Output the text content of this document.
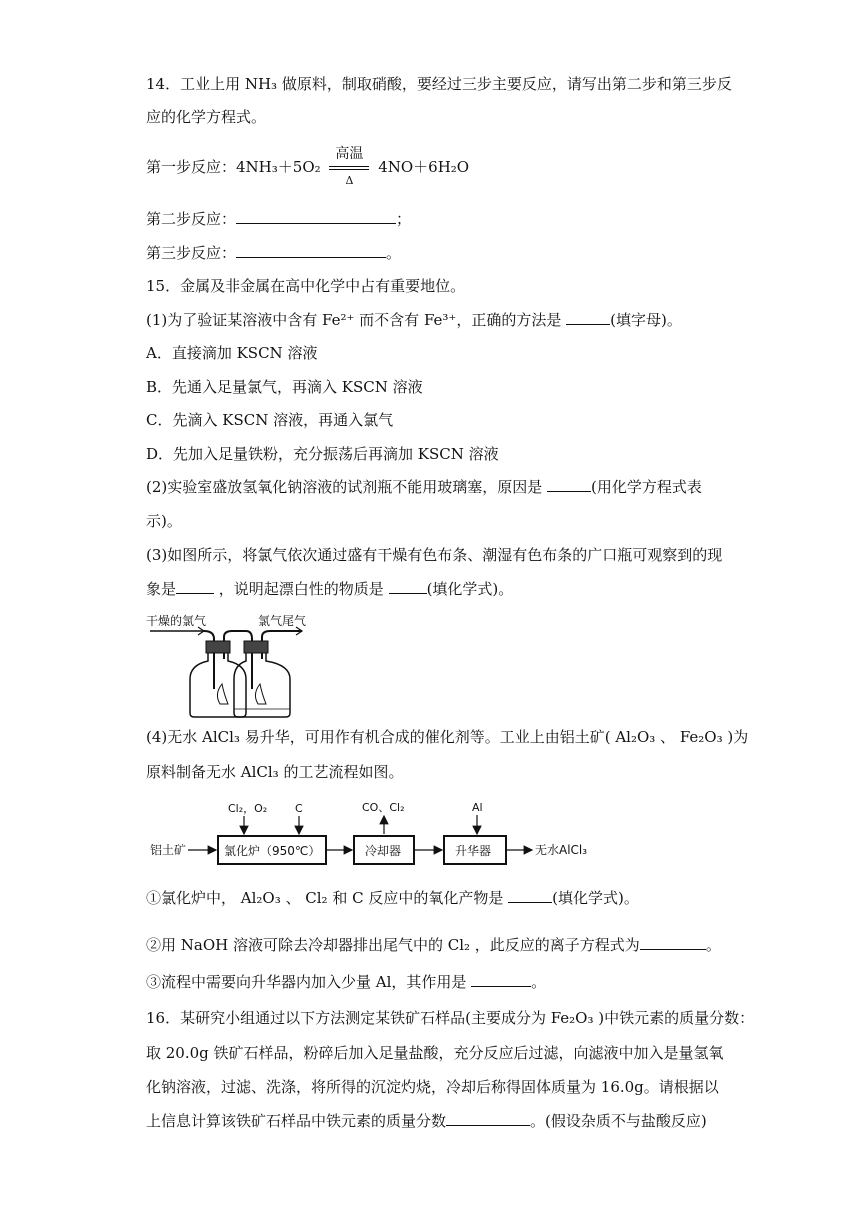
14．工业上用 NH₃ 做原料，制取硝酸，要经过三步主要反应，请写出第二步和第三步反
应的化学方程式。
第一步反应：4NH₃＋5O₂
高温
Δ
4NO＋6H₂O
第二步反应：	；
第三步反应：	。
15．金属及非金属在高中化学中占有重要地位。
(1)为了验证某溶液中含有 Fe²⁺ 而不含有 Fe³⁺，正确的方法是	(填字母)。
A．直接滴加 KSCN 溶液
B．先通入足量氯气，再滴入 KSCN 溶液
C．先滴入 KSCN 溶液，再通入氯气
D．先加入足量铁粉，充分振荡后再滴加 KSCN 溶液
(2)实验室盛放氢氧化钠溶液的试剂瓶不能用玻璃塞，原因是	(用化学方程式表
示)。
(3)如图所示，将氯气依次通过盛有干燥有色布条、潮湿有色布条的广口瓶可观察到的现
象是	，说明起漂白性的物质是	(填化学式)。
干燥的氯气	氯气尾气
(4)无水 AlCl₃ 易升华，可用作有机合成的催化剂等。工业上由铝土矿( Al₂O₃ 、 Fe₂O₃ )为
原料制备无水 AlCl₃ 的工艺流程如图。
铝土矿	氯化炉（950℃）
Cl₂，O₂	C
冷却器
CO、Cl₂
升华器
Al
无水AlCl₃
①氯化炉中， Al₂O₃ 、 Cl₂ 和 C 反应中的氧化产物是	(填化学式)。
②用 NaOH 溶液可除去冷却器排出尾气中的 Cl₂ ，此反应的离子方程式为	。
③流程中需要向升华器内加入少量 Al，其作用是	。
16．某研究小组通过以下方法测定某铁矿石样品(主要成分为 Fe₂O₃ )中铁元素的质量分数：
取 20.0g 铁矿石样品，粉碎后加入足量盐酸，充分反应后过滤，向滤液中加入是量氢氧
化钠溶液，过滤、洗涤，将所得的沉淀灼烧，冷却后称得固体质量为 16.0g。请根据以
上信息计算该铁矿石样品中铁元素的质量分数	。(假设杂质不与盐酸反应)
